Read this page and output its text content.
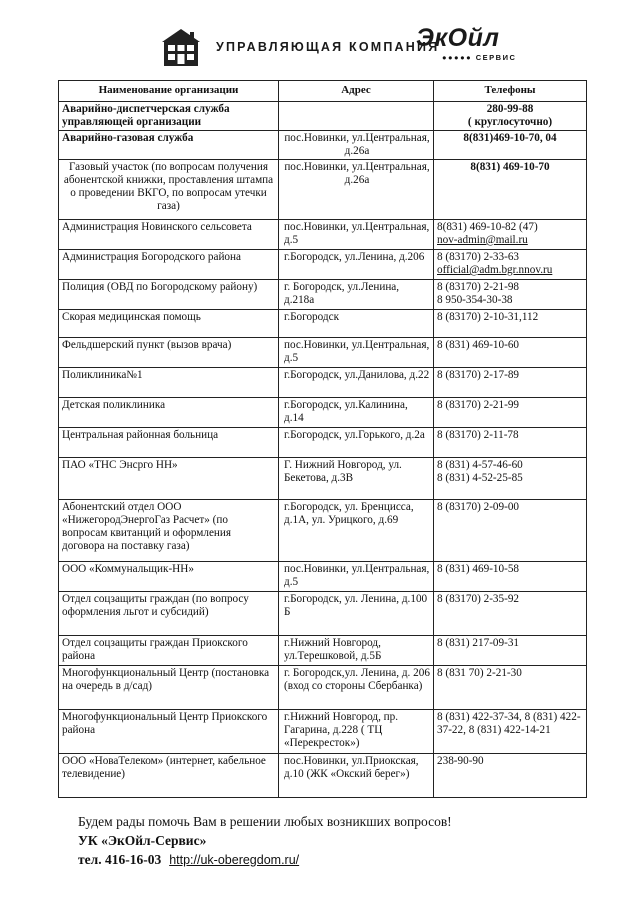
УПРАВЛЯЮЩАЯ КОМПАНИЯ
ЭкОйл
●●●●● СЕРВИС
Наименование организации	Адрес	Телефоны
Аварийно-диспетчерская служба управляющей организации		280-99-88
( круглосуточно)

Аварийно-газовая служба	пос.Новинки, ул.Центральная, д.26а	8(831)469-10-70, 04

Газовый участок (по вопросам получения абонентской книжки, проставления штампа о проведении ВКГО, по вопросам утечки газа)	пос.Новинки, ул.Центральная, д.26а	8(831) 469-10-70

Администрация Новинского сельсовета	пос.Новинки, ул.Центральная, д.5	8(831) 469-10-82 (47)
nov-admin@mail.ru

Администрация Богородского района	г.Богородск, ул.Ленина, д.206	8 (83170) 2-33-63
official@adm.bgr.nnov.ru

Полиция (ОВД по Богородскому району)	г. Богородск, ул.Ленина, д.218а	8 (83170) 2-21-98
8 950-354-30-38

Скорая медицинская помощь	г.Богородск	8 (83170) 2-10-31,112

Фельдшерский пункт (вызов врача)	пос.Новинки, ул.Центральная, д.5	8 (831) 469-10-60

Поликлиника№1	г.Богородск, ул.Данилова, д.22	8 (83170) 2-17-89

Детская поликлиника	г.Богородск, ул.Калинина, д.14	8 (83170) 2-21-99

Центральная районная больница	г.Богородск, ул.Горького, д.2а	8 (83170) 2-11-78

ПАО «ТНС Энсрго НН»	Г. Нижний Новгород, ул. Бекетова, д.3В	8 (831) 4-57-46-60
8 (831) 4-52-25-85

Абонентский отдел ООО «НижегородЭнергоГаз Расчет» (по вопросам квитанций и оформления договора на поставку газа)	г.Богородск, ул. Бренцисса, д.1А, ул. Урицкого, д.69	8 (83170) 2-09-00

ООО «Коммунальщик-НН»	пос.Новинки, ул.Центральная, д.5	8 (831) 469-10-58

Отдел соцзащиты граждан (по вопросу оформления льгот и субсидий)	г.Богородск, ул. Ленина, д.100 Б	8 (83170) 2-35-92

Отдел соцзащиты граждан Приокского района	г.Нижний Новгород, ул.Терешковой, д.5Б	8 (831) 217-09-31

Многофункциональный Центр (постановка на очередь в д/сад)	г. Богородск,ул. Ленина, д. 206 (вход со стороны Сбербанка)	8 (831 70) 2-21-30

Многофункциональный Центр Приокского района	г.Нижний Новгород, пр. Гагарина, д.228 ( ТЦ «Перекресток»)	8 (831) 422-37-34, 8 (831) 422-37-22, 8 (831) 422-14-21

ООО «НоваТелеком» (интернет, кабельное телевидение)	пос.Новинки, ул.Приокская, д.10 (ЖК «Окский берег»)	238-90-90
Будем рады помочь Вам в решении любых возникших вопросов!
УК «ЭкОйл-Сервис»
тел. 416-16-03 http://uk-oberegdom.ru/
